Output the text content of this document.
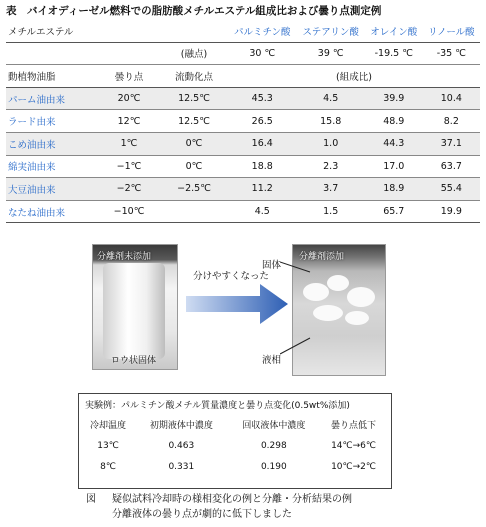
表　バイオディーゼル燃料での脂肪酸メチルエステル組成比および曇り点測定例
メチルエステル			パルミチン酸	ステアリン酸	オレイン酸	リノール酸
		(融点)	30 ℃	39 ℃	-19.5 ℃	-35 ℃
動植物油脂	曇り点	流動化点	(組成比)			
パーム油由来	20℃	12.5℃	45.3	4.5	39.9	10.4
ラード由来	12℃	12.5℃	26.5	15.8	48.9	8.2
こめ油由来	1℃	0℃	16.4	1.0	44.3	37.1
綿実油由来	−1℃	0℃	18.8	2.3	17.0	63.7
大豆油由来	−2℃	−2.5℃	11.2	3.7	18.9	55.4
なたね油由来	−10℃		4.5	1.5	65.7	19.9
分離剤未添加
ロウ状固体
分けやすくなった
分離剤添加
固体
液相
実験例：パルミチン酸メチル質量濃度と曇り点変化(0.5wt%添加)
冷却温度	初期液体中濃度	回収液体中濃度	曇り点低下
13℃	0.463	0.298	14℃→6℃
8℃	0.331	0.190	10℃→2℃
図 疑似試料冷却時の様相変化の例と分離・分析結果の例
分離液体の曇り点が劇的に低下しました
